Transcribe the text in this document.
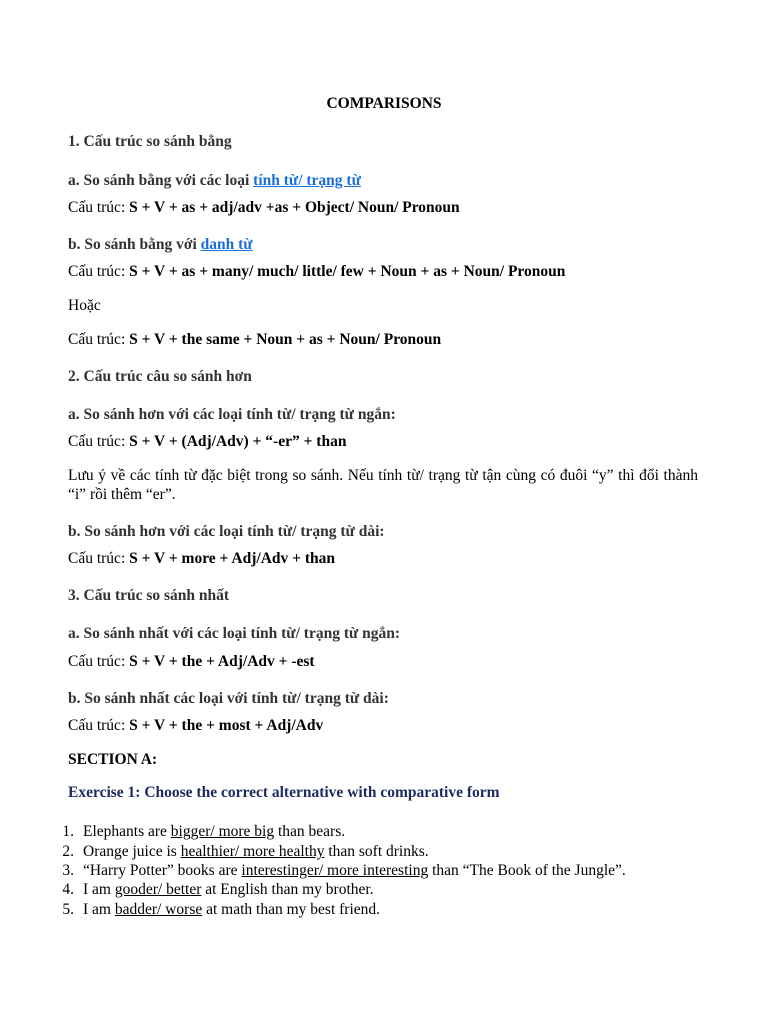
COMPARISONS
1. Cấu trúc so sánh bằng
a. So sánh bằng với các loại tính từ/ trạng từ
Cấu trúc: S + V + as + adj/adv +as + Object/ Noun/ Pronoun
b. So sánh bằng với danh từ
Cấu trúc: S + V + as + many/ much/ little/ few + Noun + as + Noun/ Pronoun
Hoặc
Cấu trúc: S + V + the same + Noun + as + Noun/ Pronoun
2. Cấu trúc câu so sánh hơn
a. So sánh hơn với các loại tính từ/ trạng từ ngắn:
Cấu trúc: S + V + (Adj/Adv) + “-er” + than
Lưu ý về các tính từ đặc biệt trong so sánh. Nếu tính từ/ trạng từ tận cùng có đuôi “y” thì đổi thành “i” rồi thêm “er”.
b. So sánh hơn với các loại tính từ/ trạng từ dài:
Cấu trúc: S + V + more + Adj/Adv + than
3. Cấu trúc so sánh nhất
a. So sánh nhất với các loại tính từ/ trạng từ ngắn:
Cấu trúc: S + V + the + Adj/Adv + -est
b. So sánh nhất các loại với tính từ/ trạng từ dài:
Cấu trúc: S + V + the + most + Adj/Adv
SECTION A:
Exercise 1: Choose the correct alternative with comparative form
1. Elephants are bigger/ more big than bears.
2. Orange juice is healthier/ more healthy than soft drinks.
3. “Harry Potter” books are interestinger/ more interesting than “The Book of the Jungle”.
4. I am gooder/ better at English than my brother.
5. I am badder/ worse at math than my best friend.
